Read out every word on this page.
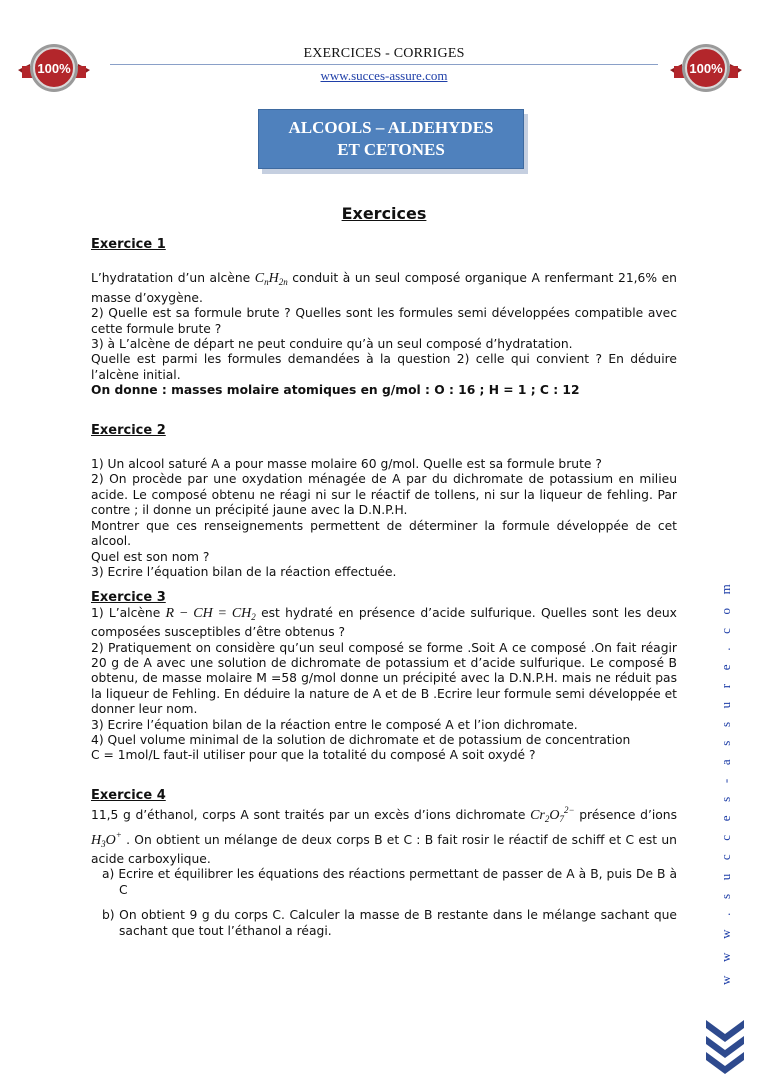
100%	100%
EXERCICES - CORRIGES
www.succes-assure.com
ALCOOLS – ALDEHYDES
ET CETONES
Exercices
Exercice 1

L’hydratation d’un alcène $C_nH_{2n}$ conduit à un seul composé organique A renfermant 21,6% en masse d’oxygène.

2) Quelle est sa formule brute ? Quelles sont les formules semi développées compatible avec cette formule brute ?

3) à L’alcène de départ ne peut conduire qu’à un seul composé d’hydratation.

Quelle est parmi les formules demandées à la question 2) celle qui convient ? En déduire l’alcène initial.

On donne : masses molaire atomiques en g/mol : O : 16 ; H = 1 ; C : 12

Exercice 2

1) Un alcool saturé A a pour masse molaire 60 g/mol. Quelle est sa formule brute ?

2) On procède par une oxydation ménagée de A par du dichromate de potassium en milieu acide. Le composé obtenu ne réagi ni sur le réactif de tollens, ni sur la liqueur de fehling. Par contre ; il donne un précipité jaune avec la D.N.P.H.

Montrer que ces renseignements permettent de déterminer la formule développée de cet alcool.

Quel est son nom ?

3) Ecrire l’équation bilan de la réaction effectuée.

Exercice 3

1) L’alcène R − CH = $CH_2$ est hydraté en présence d’acide sulfurique. Quelles sont les deux composées susceptibles d’être obtenus ?

2) Pratiquement on considère qu’un seul composé se forme .Soit A ce composé .On fait réagir 20 g de A avec une solution de dichromate de potassium et d’acide sulfurique. Le composé B obtenu, de masse molaire M =58 g/mol donne un précipité avec la D.N.P.H. mais ne réduit pas la liqueur de Fehling. En déduire la nature de A et de B .Ecrire leur formule semi développée et donner leur nom.

3) Ecrire l’équation bilan de la réaction entre le composé A et l’ion dichromate.

4) Quel volume minimal de la solution de dichromate et de potassium de concentration

C = 1mol/L faut-il utiliser pour que la totalité du composé A soit oxydé ?

Exercice 4

11,5 g d’éthanol, corps A sont traités par un excès d’ions dichromate $Cr_2O_7^{2-}$ présence d’ions $H_3O^+$ . On obtient un mélange de deux corps B et C : B fait rosir le réactif de schiff et C est un acide carboxylique.

a) Ecrire et équilibrer les équations des réactions permettant de passer de A à B, puis De B à C

b) On obtient 9 g du corps C. Calculer la masse de B restante dans le mélange sachant que sachant que tout l’éthanol a réagi.	w w w . s u c c e s - a s s u r e . c o m
